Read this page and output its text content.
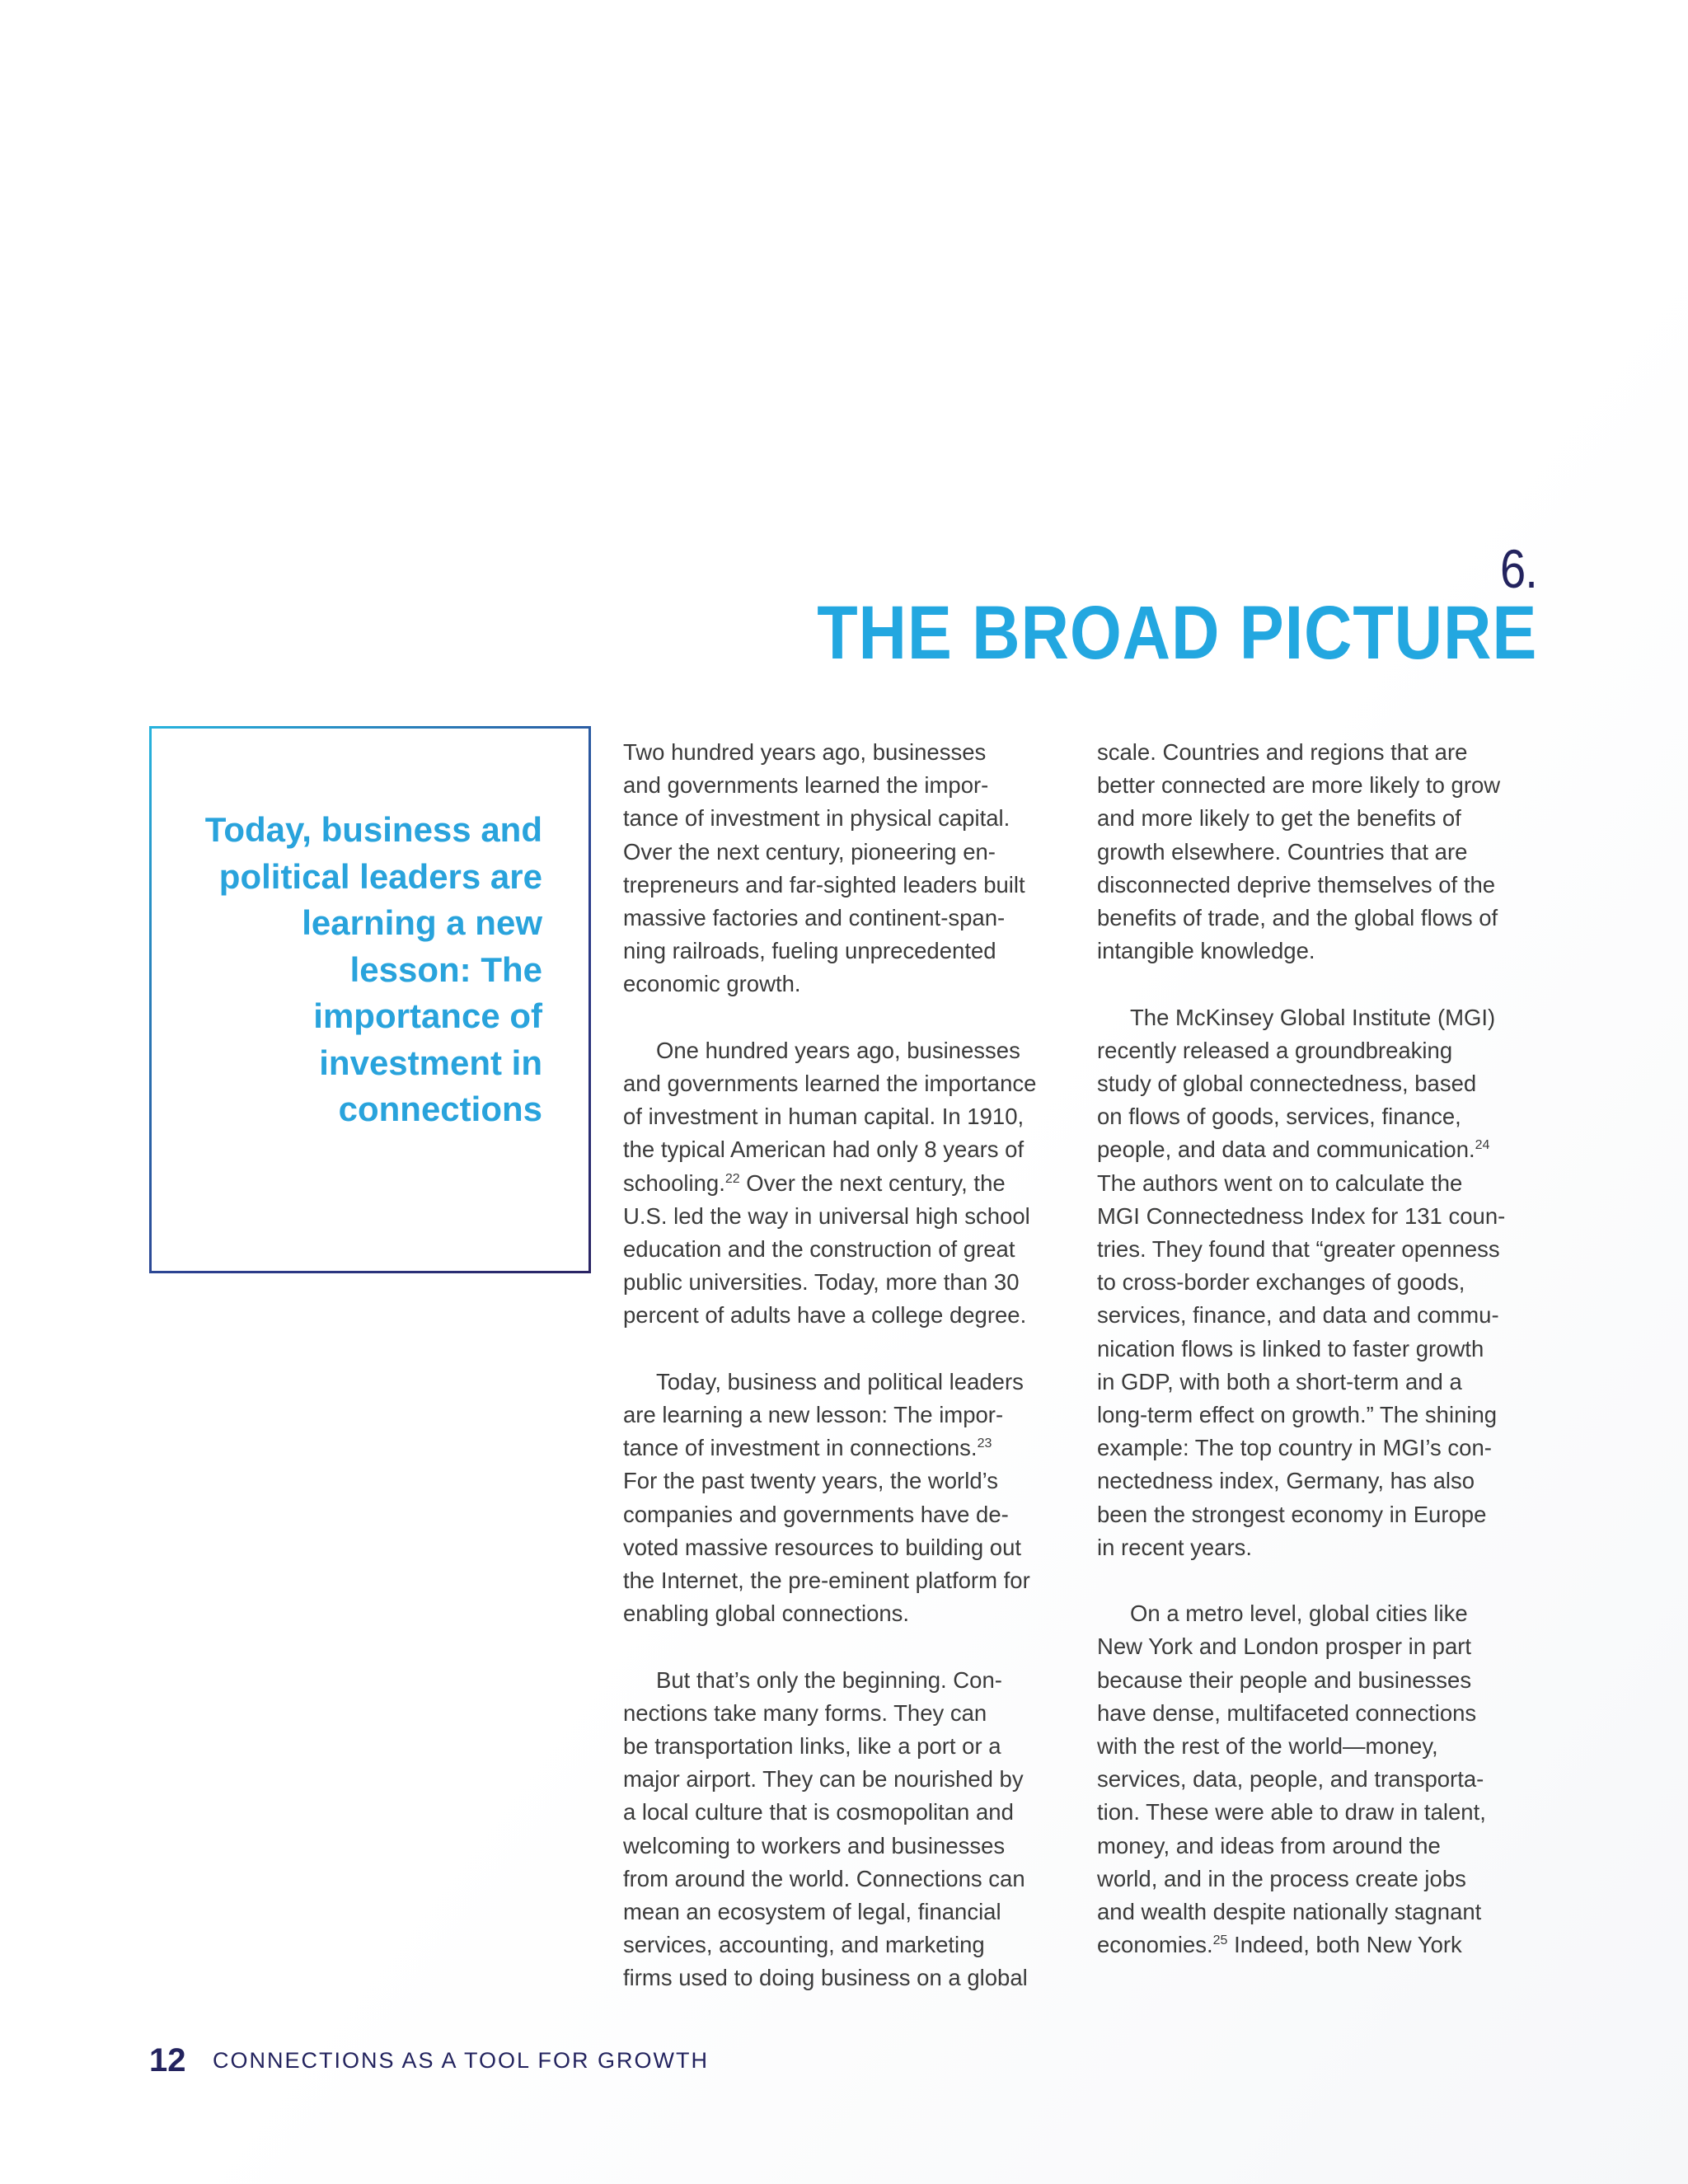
6.
THE BROAD PICTURE

Today, business and political leaders are learning a new lesson: The importance of investment in connections

Two hundred years ago, businesses
and governments learned the impor-
tance of investment in physical capital.
Over the next century, pioneering en-
trepreneurs and far-sighted leaders built
massive factories and continent-span-
ning railroads, fueling unprecedented
economic growth.

One hundred years ago, businesses
and governments learned the importance
of investment in human capital. In 1910,
the typical American had only 8 years of
schooling.$^{22}$ Over the next century, the
U.S. led the way in universal high school
education and the construction of great
public universities. Today, more than 30
percent of adults have a college degree.

Today, business and political leaders
are learning a new lesson: The impor-
tance of investment in connections.$^{23}$
For the past twenty years, the world’s
companies and governments have de-
voted massive resources to building out
the Internet, the pre-eminent platform for
enabling global connections.

But that’s only the beginning. Con-
nections take many forms. They can
be transportation links, like a port or a
major airport. They can be nourished by
a local culture that is cosmopolitan and
welcoming to workers and businesses
from around the world. Connections can
mean an ecosystem of legal, financial
services, accounting, and marketing
firms used to doing business on a global

scale. Countries and regions that are
better connected are more likely to grow
and more likely to get the benefits of
growth elsewhere. Countries that are
disconnected deprive themselves of the
benefits of trade, and the global flows of
intangible knowledge.

The McKinsey Global Institute (MGI)
recently released a groundbreaking
study of global connectedness, based
on flows of goods, services, finance,
people, and data and communication.$^{24}$
The authors went on to calculate the
MGI Connectedness Index for 131 coun-
tries. They found that “greater openness
to cross-border exchanges of goods,
services, finance, and data and commu-
nication flows is linked to faster growth
in GDP, with both a short-term and a
long-term effect on growth.” The shining
example: The top country in MGI’s con-
nectedness index, Germany, has also
been the strongest economy in Europe
in recent years.

On a metro level, global cities like
New York and London prosper in part
because their people and businesses
have dense, multifaceted connections
with the rest of the world—money,
services, data, people, and transporta-
tion. These were able to draw in talent,
money, and ideas from around the
world, and in the process create jobs
and wealth despite nationally stagnant
economies.$^{25}$ Indeed, both New York

12 CONNECTIONS AS A TOOL FOR GROWTH
